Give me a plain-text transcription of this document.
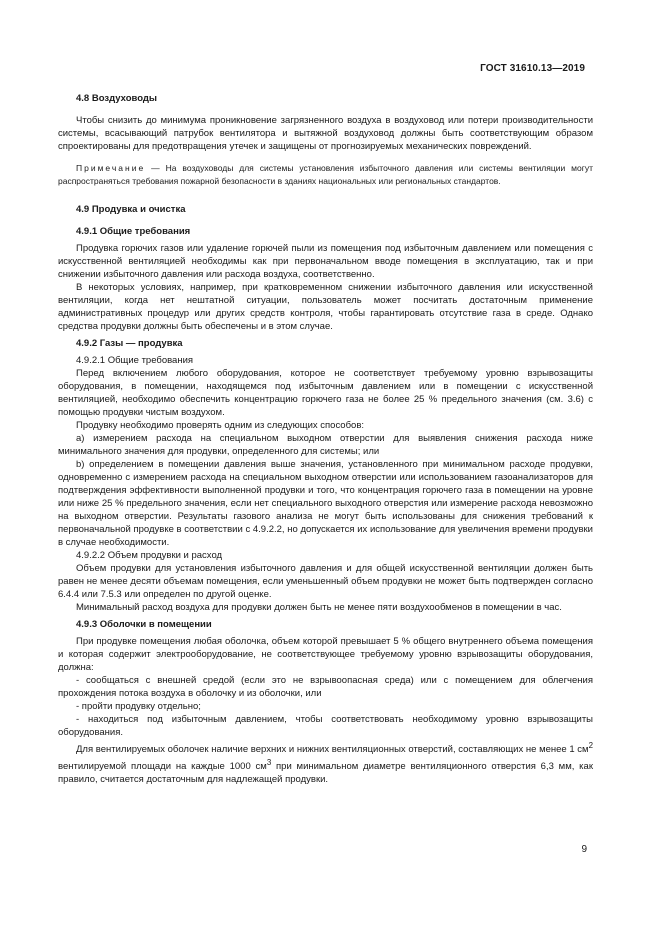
ГОСТ 31610.13—2019

4.8 Воздуховоды

Чтобы снизить до минимума проникновение загрязненного воздуха в воздуховод или потери производительности системы, всасывающий патрубок вентилятора и вытяжной воздуховод должны быть соответствующим образом спроектированы для предотвращения утечек и защищены от прогнозируемых механических повреждений.

Примечание — На воздуховоды для системы установления избыточного давления или системы вентиляции могут распространяться требования пожарной безопасности в зданиях национальных или региональных стандартов.

4.9 Продувка и очистка

4.9.1 Общие требования

Продувка горючих газов или удаление горючей пыли из помещения под избыточным давлением или помещения с искусственной вентиляцией необходимы как при первоначальном вводе помещения в эксплуатацию, так и при снижении избыточного давления или расхода воздуха, соответственно.

В некоторых условиях, например, при кратковременном снижении избыточного давления или искусственной вентиляции, когда нет нештатной ситуации, пользователь может посчитать достаточным применение административных процедур или других средств контроля, чтобы гарантировать отсутствие газа в среде. Однако средства продувки должны быть обеспечены и в этом случае.

4.9.2 Газы — продувка

4.9.2.1 Общие требования

Перед включением любого оборудования, которое не соответствует требуемому уровню взрывозащиты оборудования, в помещении, находящемся под избыточным давлением или в помещении с искусственной вентиляцией, необходимо обеспечить концентрацию горючего газа не более 25 % предельного значения (см. 3.6) с помощью продувки чистым воздухом.

Продувку необходимо проверять одним из следующих способов:

a) измерением расхода на специальном выходном отверстии для выявления снижения расхода ниже минимального значения для продувки, определенного для системы; или

b) определением в помещении давления выше значения, установленного при минимальном расходе продувки, одновременно с измерением расхода на специальном выходном отверстии или использованием газоанализаторов для подтверждения эффективности выполненной продувки и того, что концентрация горючего газа в помещении на уровне или ниже 25 % предельного значения, если нет специального выходного отверстия или измерение расхода невозможно на выходном отверстии. Результаты газового анализа не могут быть использованы для снижения требований к первоначальной продувке в соответствии с 4.9.2.2, но допускается их использование для увеличения времени продувки в случае необходимости.

4.9.2.2 Объем продувки и расход

Объем продувки для установления избыточного давления и для общей искусственной вентиляции должен быть равен не менее десяти объемам помещения, если уменьшенный объем продувки не может быть подтвержден согласно 6.4.4 или 7.5.3 или определен по другой оценке.

Минимальный расход воздуха для продувки должен быть не менее пяти воздухообменов в помещении в час.

4.9.3 Оболочки в помещении

При продувке помещения любая оболочка, объем которой превышает 5 % общего внутреннего объема помещения и которая содержит электрооборудование, не соответствующее требуемому уровню взрывозащиты оборудования, должна:

- сообщаться с внешней средой (если это не взрывоопасная среда) или с помещением для облегчения прохождения потока воздуха в оболочку и из оболочки, или

- пройти продувку отдельно;

- находиться под избыточным давлением, чтобы соответствовать необходимому уровню взрывозащиты оборудования.

Для вентилируемых оболочек наличие верхних и нижних вентиляционных отверстий, составляющих не менее 1 $см^2$ вентилируемой площади на каждые 1000 $см^3$ при минимальном диаметре вентиляционного отверстия 6,3 мм, как правило, считается достаточным для надлежащей продувки.

9
